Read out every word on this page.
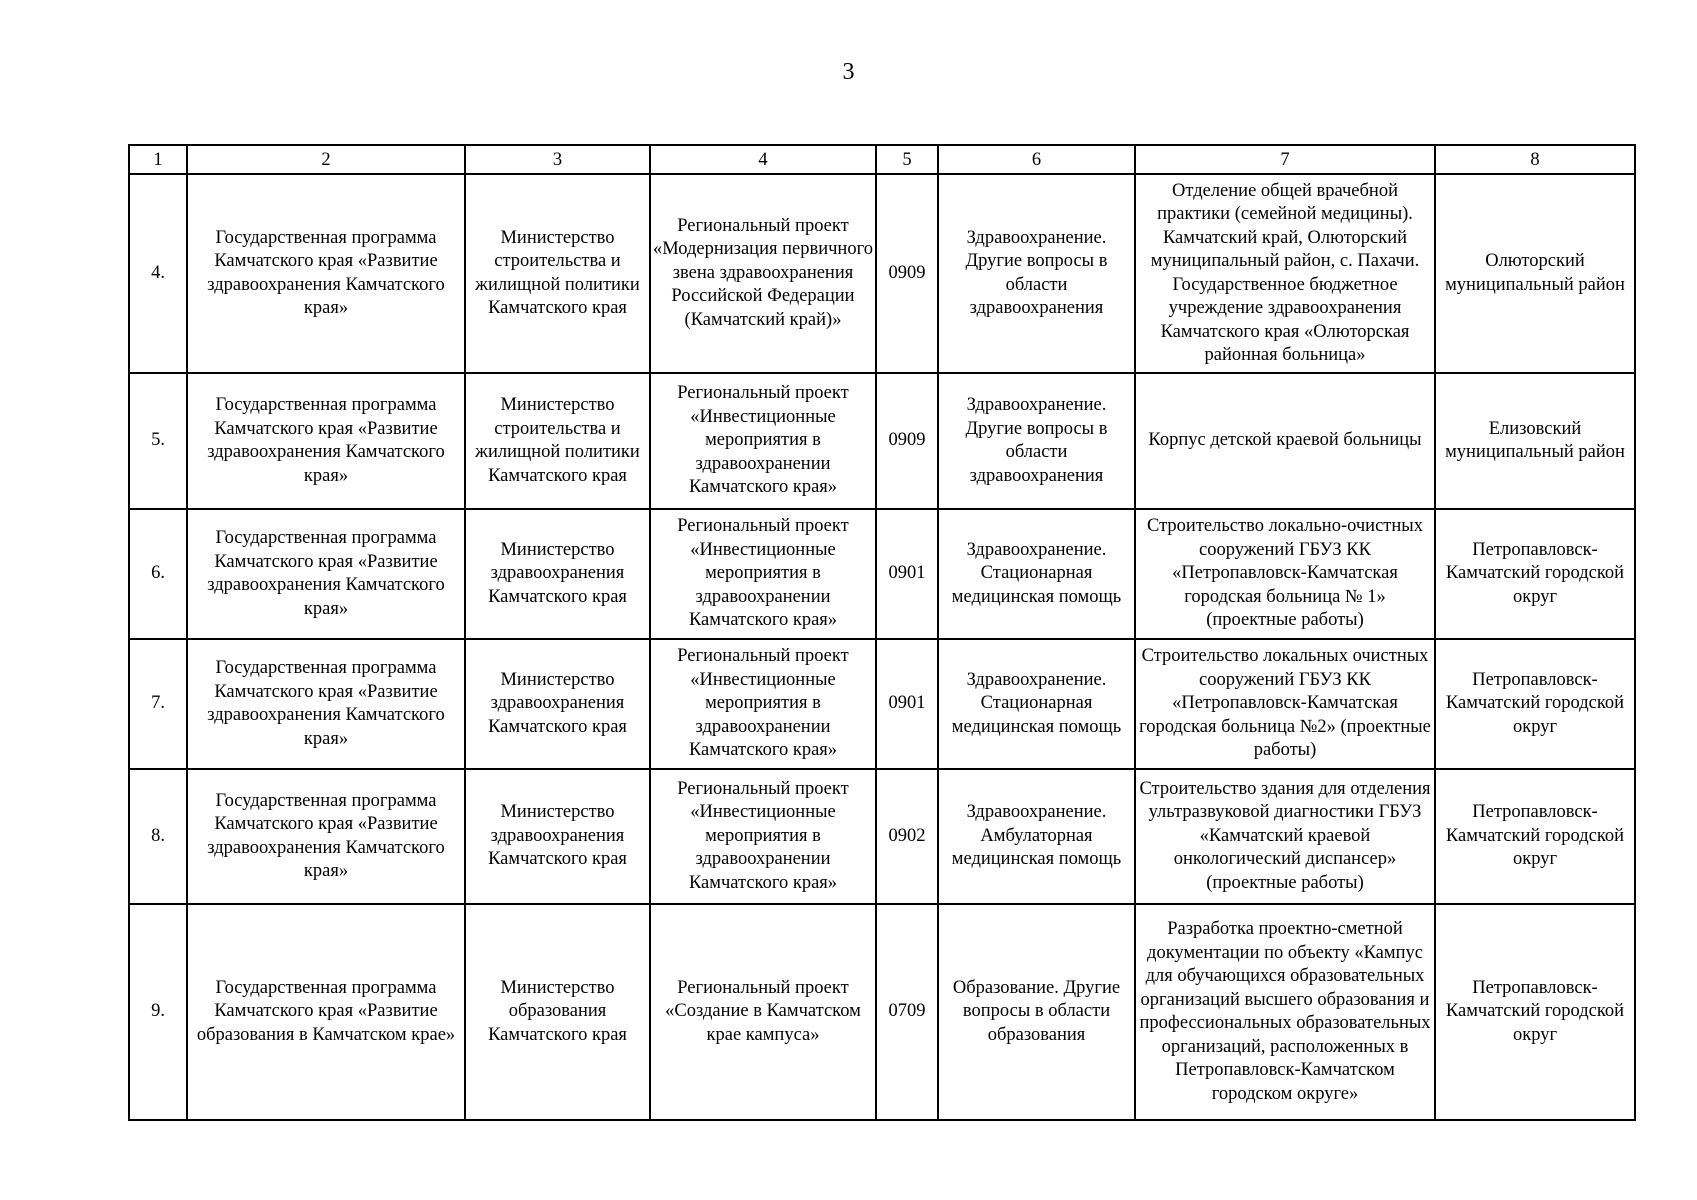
3
1	2	3	4	5	6	7	8
4.	Государственная программа Камчатского края «Развитие здравоохранения Камчатского края»	Министерство строительства и жилищной политики Камчатского края	Региональный проект «Модернизация первичного звена здравоохранения Российской Федерации (Камчатский край)»	0909	Здравоохранение. Другие вопросы в области здравоохранения	Отделение общей врачебной практики (семейной медицины). Камчатский край, Олюторский муниципальный район, с. Пахачи. Государственное бюджетное учреждение здравоохранения Камчатского края «Олюторская районная больница»	Олюторский муниципальный район
5.	Государственная программа Камчатского края «Развитие здравоохранения Камчатского края»	Министерство строительства и жилищной политики Камчатского края	Региональный проект «Инвестиционные мероприятия в здравоохранении Камчатского края»	0909	Здравоохранение. Другие вопросы в области здравоохранения	Корпус детской краевой больницы	Елизовский муниципальный район
6.	Государственная программа Камчатского края «Развитие здравоохранения Камчатского края»	Министерство здравоохранения Камчатского края	Региональный проект «Инвестиционные мероприятия в здравоохранении Камчатского края»	0901	Здравоохранение. Стационарная медицинская помощь	Строительство локально-очистных сооружений ГБУЗ КК «Петропавловск-Камчатская городская больница № 1» (проектные работы)	Петропавловск-Камчатский городской округ
7.	Государственная программа Камчатского края «Развитие здравоохранения Камчатского края»	Министерство здравоохранения Камчатского края	Региональный проект «Инвестиционные мероприятия в здравоохранении Камчатского края»	0901	Здравоохранение. Стационарная медицинская помощь	Строительство локальных очистных сооружений ГБУЗ КК «Петропавловск-Камчатская городская больница №2» (проектные работы)	Петропавловск-Камчатский городской округ
8.	Государственная программа Камчатского края «Развитие здравоохранения Камчатского края»	Министерство здравоохранения Камчатского края	Региональный проект «Инвестиционные мероприятия в здравоохранении Камчатского края»	0902	Здравоохранение. Амбулаторная медицинская помощь	Строительство здания для отделения ультразвуковой диагностики ГБУЗ «Камчатский краевой онкологический диспансер» (проектные работы)	Петропавловск-Камчатский городской округ
9.	Государственная программа Камчатского края «Развитие образования в Камчатском крае»	Министерство образования Камчатского края	Региональный проект «Создание в Камчатском крае кампуса»	0709	Образование. Другие вопросы в области образования	Разработка проектно-сметной документации по объекту «Кампус для обучающихся образовательных организаций высшего образования и профессиональных образовательных организаций, расположенных в Петропавловск-Камчатском городском округе»	Петропавловск-Камчатский городской округ
